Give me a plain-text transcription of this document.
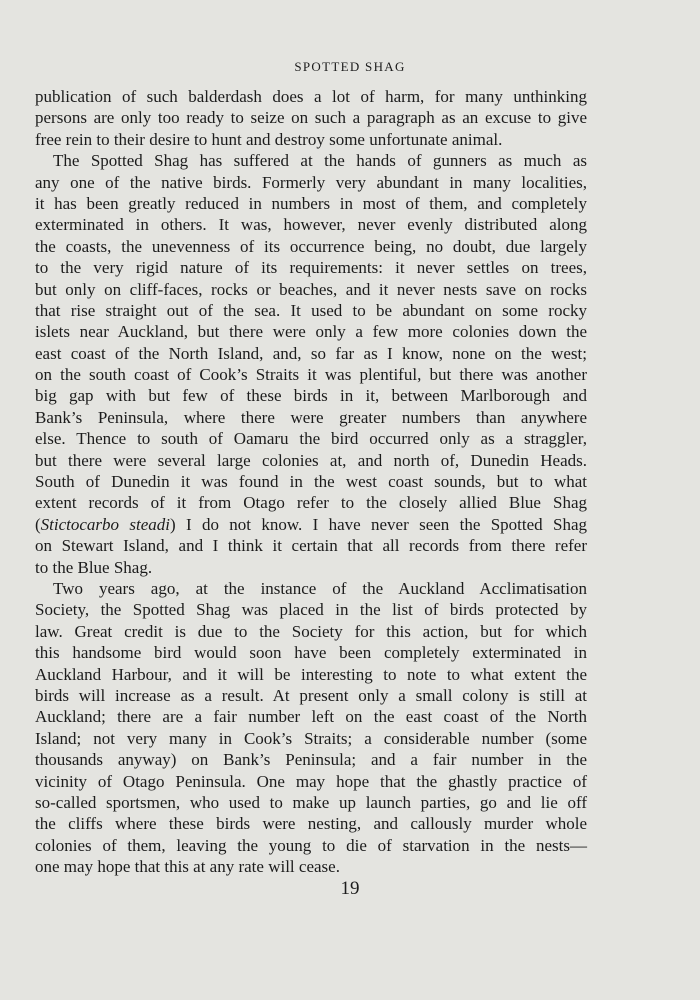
SPOTTED SHAG
publication of such balderdash does a lot of harm, for many unthinking
persons are only too ready to seize on such a paragraph as an excuse to give
free rein to their desire to hunt and destroy some unfortunate animal.
The Spotted Shag has suffered at the hands of gunners as much as
any one of the native birds. Formerly very abundant in many localities,
it has been greatly reduced in numbers in most of them, and completely
exterminated in others. It was, however, never evenly distributed along
the coasts, the unevenness of its occurrence being, no doubt, due largely
to the very rigid nature of its requirements: it never settles on trees,
but only on cliff-faces, rocks or beaches, and it never nests save on rocks
that rise straight out of the sea. It used to be abundant on some rocky
islets near Auckland, but there were only a few more colonies down the
east coast of the North Island, and, so far as I know, none on the west;
on the south coast of Cook’s Straits it was plentiful, but there was another
big gap with but few of these birds in it, between Marlborough and
Bank’s Peninsula, where there were greater numbers than anywhere
else. Thence to south of Oamaru the bird occurred only as a straggler,
but there were several large colonies at, and north of, Dunedin Heads.
South of Dunedin it was found in the west coast sounds, but to what
extent records of it from Otago refer to the closely allied Blue Shag
(Stictocarbo steadi) I do not know. I have never seen the Spotted Shag
on Stewart Island, and I think it certain that all records from there refer
to the Blue Shag.
Two years ago, at the instance of the Auckland Acclimatisation
Society, the Spotted Shag was placed in the list of birds protected by
law. Great credit is due to the Society for this action, but for which
this handsome bird would soon have been completely exterminated in
Auckland Harbour, and it will be interesting to note to what extent the
birds will increase as a result. At present only a small colony is still at
Auckland; there are a fair number left on the east coast of the North
Island; not very many in Cook’s Straits; a considerable number (some
thousands anyway) on Bank’s Peninsula; and a fair number in the
vicinity of Otago Peninsula. One may hope that the ghastly practice of
so-called sportsmen, who used to make up launch parties, go and lie off
the cliffs where these birds were nesting, and callously murder whole
colonies of them, leaving the young to die of starvation in the nests—
one may hope that this at any rate will cease.
19
